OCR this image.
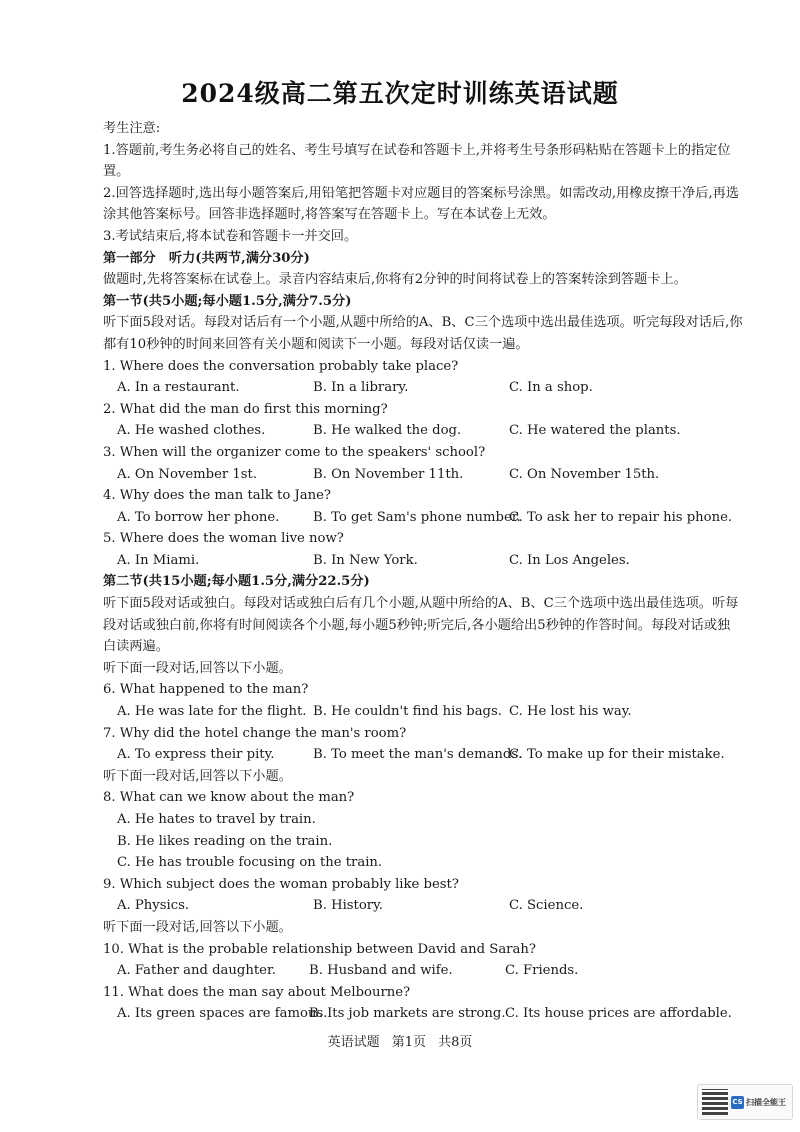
2024级高二第五次定时训练英语试题
考生注意:
1.答题前,考生务必将自己的姓名、考生号填写在试卷和答题卡上,并将考生号条形码粘贴在答题卡上的指定位置。
2.回答选择题时,选出每小题答案后,用铅笔把答题卡对应题目的答案标号涂黑。如需改动,用橡皮擦干净后,再选涂其他答案标号。回答非选择题时,将答案写在答题卡上。写在本试卷上无效。
3.考试结束后,将本试卷和答题卡一并交回。
第一部分　听力(共两节,满分30分)
做题时,先将答案标在试卷上。录音内容结束后,你将有2分钟的时间将试卷上的答案转涂到答题卡上。
第一节(共5小题;每小题1.5分,满分7.5分)
听下面5段对话。每段对话后有一个小题,从题中所给的A、B、C三个选项中选出最佳选项。听完每段对话后,你都有10秒钟的时间来回答有关小题和阅读下一小题。每段对话仅读一遍。
1. Where does the conversation probably take place?
A. In a restaurant.	B. In a library.	C. In a shop.
2. What did the man do first this morning?
A. He washed clothes.	B. He walked the dog.	C. He watered the plants.
3. When will the organizer come to the speakers' school?
A. On November 1st.	B. On November 11th.	C. On November 15th.
4. Why does the man talk to Jane?
A. To borrow her phone.	B. To get Sam's phone number.
C. To ask her to repair his phone.
5. Where does the woman live now?
A. In Miami.	B. In New York.	C. In Los Angeles.
第二节(共15小题;每小题1.5分,满分22.5分)
听下面5段对话或独白。每段对话或独白后有几个小题,从题中所给的A、B、C三个选项中选出最佳选项。听每段对话或独白前,你将有时间阅读各个小题,每小题5秒钟;听完后,各小题给出5秒钟的作答时间。每段对话或独白读两遍。
听下面一段对话,回答以下小题。
6. What happened to the man?
A. He was late for the flight. B. He couldn't find his bags. C. He lost his way.
7. Why did the hotel change the man's room?
A. To express their pity.	B. To meet the man's demands.
C. To make up for their mistake.
听下面一段对话,回答以下小题。
8. What can we know about the man?
A. He hates to travel by train.
B. He likes reading on the train.
C. He has trouble focusing on the train.
9. Which subject does the woman probably like best?
A. Physics.	B. History.	C. Science.
听下面一段对话,回答以下小题。
10. What is the probable relationship between David and Sarah?
A. Father and daughter.	B. Husband and wife.	C. Friends.
11. What does the man say about Melbourne?
A. Its green spaces are famous.
B. Its job markets are strong. C. Its house prices are affordable.
英语试题 第1页 共8页
CS 扫描全能王
